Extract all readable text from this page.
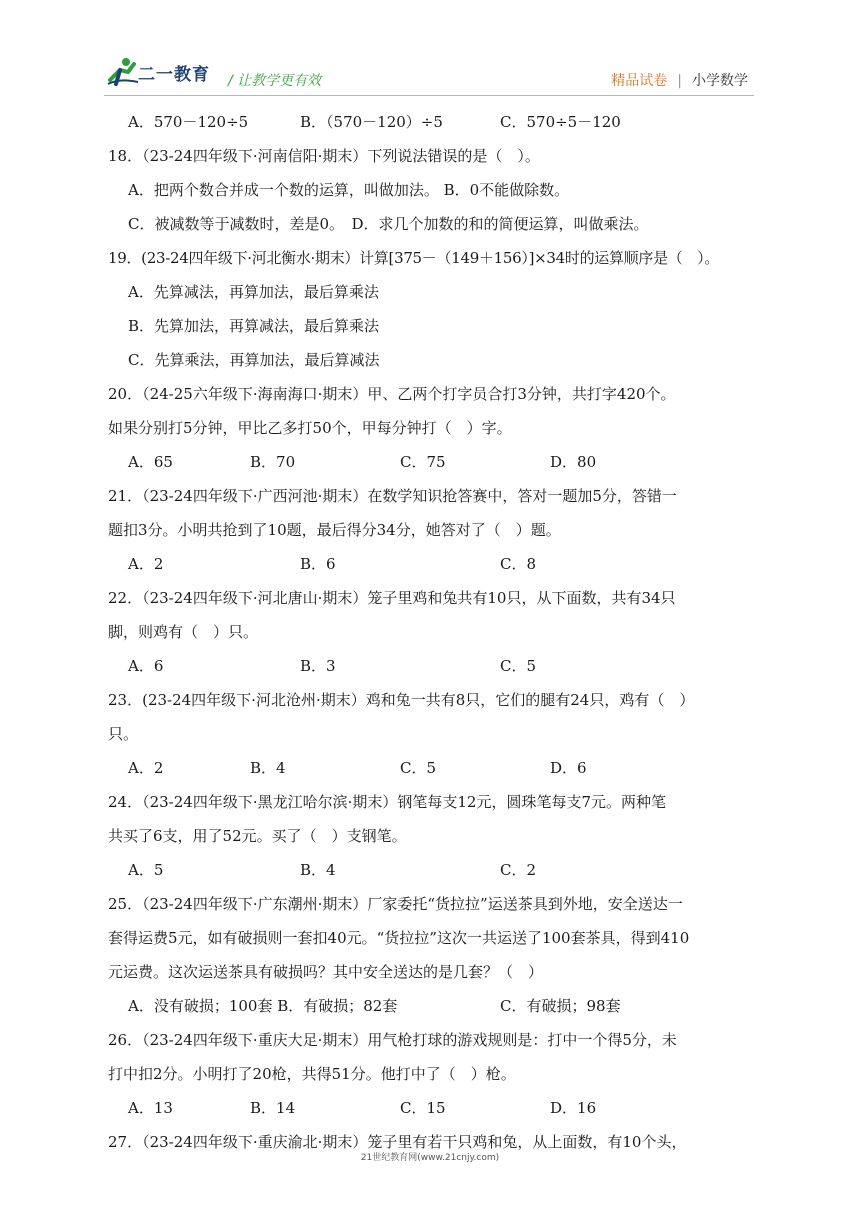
二一教育 / 让教学更有效	精品试卷 | 小学数学
A．570－120÷5	B．（570－120）÷5	C．570÷5－120
18．（23-24四年级下·河南信阳·期末）下列说法错误的是（　）。
A．把两个数合并成一个数的运算，叫做加法。 B．0不能做除数。
C．被减数等于减数时，差是0。　D．求几个加数的和的简便运算，叫做乘法。
19．(23-24四年级下·河北衡水·期末）计算[375－（149＋156）]×34时的运算顺序是（　）。
A．先算减法，再算加法，最后算乘法
B．先算加法，再算减法，最后算乘法
C．先算乘法，再算加法，最后算减法
20．（24-25六年级下·海南海口·期末）甲、乙两个打字员合打3分钟，共打字420个。
如果分别打5分钟，甲比乙多打50个，甲每分钟打（　）字。
A．65	B．70	C．75	D．80
21．（23-24四年级下·广西河池·期末）在数学知识抢答赛中，答对一题加5分，答错一
题扣3分。小明共抢到了10题，最后得分34分，她答对了（　）题。
A．2	B．6	C．8
22．（23-24四年级下·河北唐山·期末）笼子里鸡和兔共有10只，从下面数，共有34只
脚，则鸡有（　）只。
A．6	B．3	C．5
23．(23-24四年级下·河北沧州·期末）鸡和兔一共有8只，它们的腿有24只，鸡有（　）
只。
A．2	B．4	C．5	D．6
24．（23-24四年级下·黑龙江哈尔滨·期末）钢笔每支12元，圆珠笔每支7元。两种笔
共买了6支，用了52元。买了（　）支钢笔。
A．5	B．4	C．2
25．（23-24四年级下·广东潮州·期末）厂家委托“货拉拉”运送茶具到外地，安全送达一
套得运费5元，如有破损则一套扣40元。“货拉拉”这次一共运送了100套茶具，得到410
元运费。这次运送茶具有破损吗？其中安全送达的是几套？（　）
A．没有破损；100套 B．有破损；82套	C．有破损；98套
26．（23-24四年级下·重庆大足·期末）用气枪打球的游戏规则是：打中一个得5分，未
打中扣2分。小明打了20枪，共得51分。他打中了（　）枪。
A．13	B．14	C．15	D．16
27．（23-24四年级下·重庆渝北·期末）笼子里有若干只鸡和兔，从上面数，有10个头，
21世纪教育网(www.21cnjy.com)
